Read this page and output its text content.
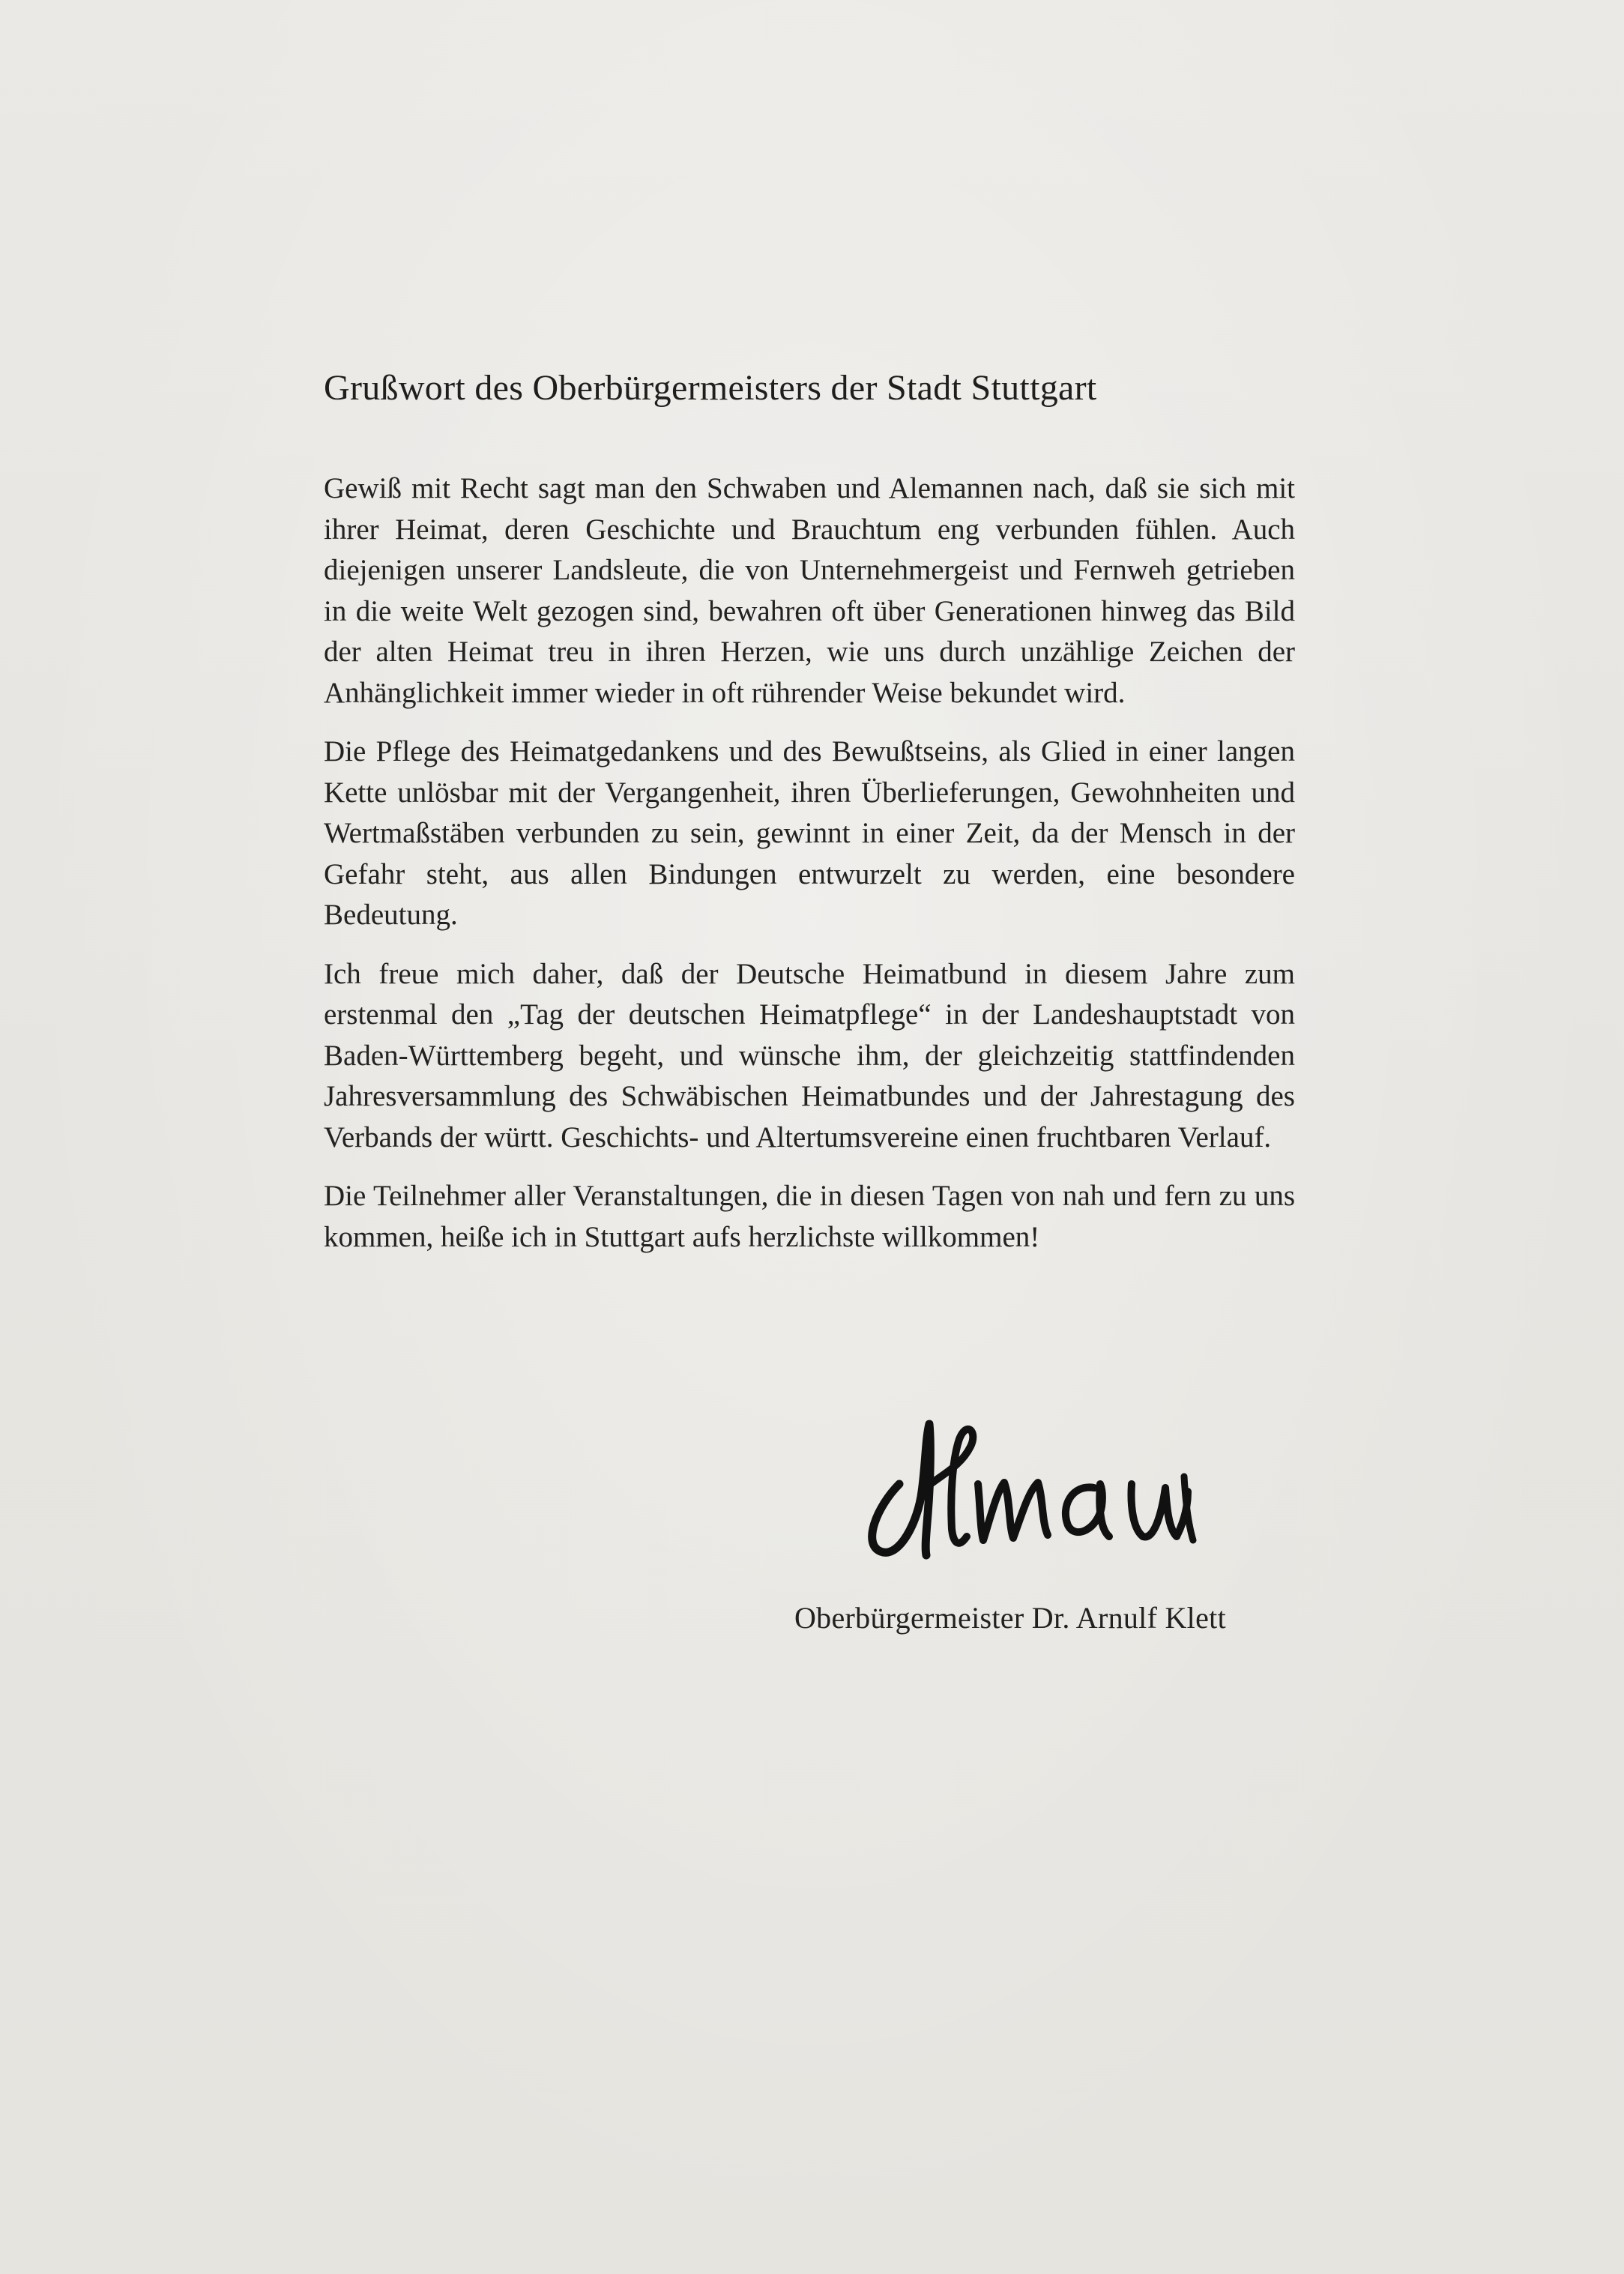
Grußwort des Oberbürgermeisters der Stadt Stuttgart

Gewiß mit Recht sagt man den Schwaben und Alemannen nach, daß sie sich mit ihrer Heimat, deren Geschichte und Brauchtum eng verbunden fühlen. Auch diejenigen unserer Landsleute, die von Unternehmergeist und Fernweh getrieben in die weite Welt gezogen sind, bewahren oft über Generationen hinweg das Bild der alten Heimat treu in ihren Herzen, wie uns durch unzählige Zeichen der Anhänglichkeit immer wieder in oft rührender Weise bekundet wird.

Die Pflege des Heimatgedankens und des Bewußtseins, als Glied in einer langen Kette unlösbar mit der Vergangenheit, ihren Überlieferungen, Gewohnheiten und Wertmaßstäben verbunden zu sein, gewinnt in einer Zeit, da der Mensch in der Gefahr steht, aus allen Bindungen entwurzelt zu werden, eine besondere Bedeutung.

Ich freue mich daher, daß der Deutsche Heimatbund in diesem Jahre zum erstenmal den „Tag der deutschen Heimatpflege“ in der Landeshauptstadt von Baden-Württemberg begeht, und wünsche ihm, der gleichzeitig stattfindenden Jahresversammlung des Schwäbischen Heimatbundes und der Jahrestagung des Verbands der württ. Geschichts- und Altertumsvereine einen fruchtbaren Verlauf.

Die Teilnehmer aller Veranstaltungen, die in diesen Tagen von nah und fern zu uns kommen, heiße ich in Stuttgart aufs herzlichste willkommen!

Oberbürgermeister Dr. Arnulf Klett
